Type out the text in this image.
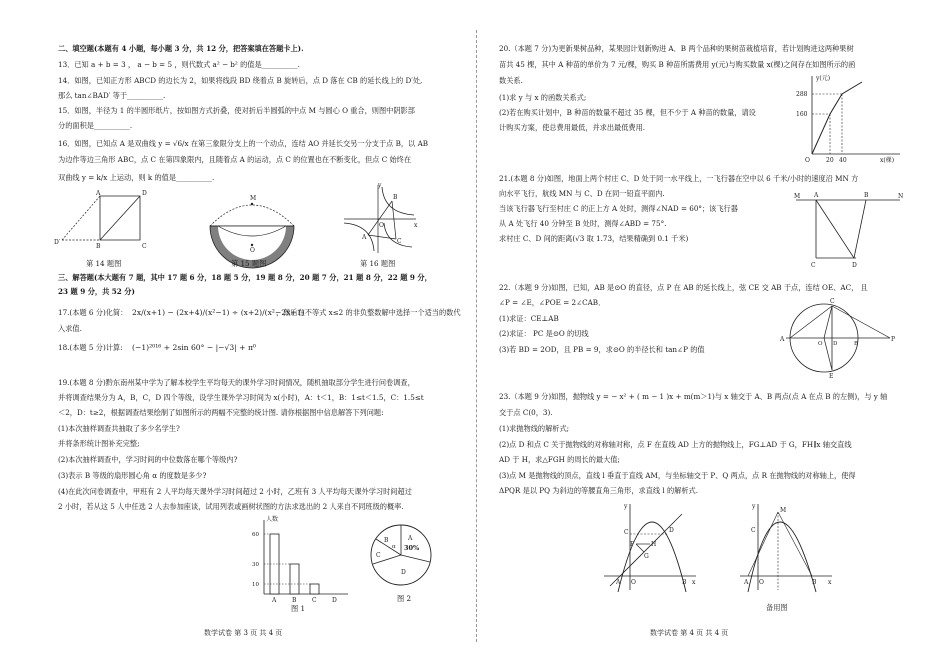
二、填空题(本题有 4 小题，每小题 3 分，共 12 分，把答案填在答题卡上).
13．已知 a + b = 3 ， a − b = 5 ，则代数式 a² − b² 的值是__________.
14．如图，已知正方形 ABCD 的边长为 2，如果将线段 BD 绕着点 B 旋转后，点 D 落在 CB 的延长线上的 D′处,
那么 tan∠BAD′ 等于__________.
15．如图，半径为 1 的半圆形纸片，按如图方式折叠，使对折后半圆弧的中点 M 与圆心 O 重合，则图中阴影部
分的面积是__________.
16．如图，已知点 A 是双曲线 y = √6/x 在第三象限分支上的一个动点，连结 AO 并延长交另一分支于点 B，以 AB
为边作等边三角形 ABC，点 C 在第四象限内，且随着点 A 的运动，点 C 的位置也在不断变化，但点 C 始终在
双曲线 y = k/x 上运动，则 k 的值是__________.
A	D
B	C
D′
第 14 题图
M
O
第 15 题图
y
x
B
A
C
O
第 16 题图
三、解答题(本大题有 7 题，其中 17 题 6 分，18 题 5 分，19 题 8 分，20 题 7 分，21 题 8 分，22 题 9 分，
23 题 9 分，共 52 分)
17.(本题 6 分)化简： 2x/(x+1) − (2x+4)/(x²−1) ÷ (x+2)/(x²−2x+1)
，然后在不等式 x≤2 的非负整数解中选择一个适当的数代
入求值.
18.(本题 5 分)计算: (−1)²⁰¹⁶ + 2sin 60° − |−√3| + π⁰
19.(本题 8 分)黔东南州某中学为了解本校学生平均每天的课外学习时间情况，随机抽取部分学生进行问卷调查，
并将调查结果分为 A，B，C，D 四个等级，设学生课外学习时间为 x(小时)，A：t＜1，B：1≤t＜1.5，C：1.5≤t
＜2，D：t≥2，根据调查结果绘制了如图所示的两幅不完整的统计图. 请你根据图中信息解答下列问题:
(1)本次抽样调查共抽取了多少名学生?
并将条形统计图补充完整;
(2)本次抽样调查中，学习时间的中位数落在哪个等级内?
(3)表示 B 等级的扇形圆心角 α 的度数是多少?
(4)在此次问卷调查中，甲班有 2 人平均每天课外学习时间超过 2 小时，乙班有 3 人平均每天课外学习时间超过
2 小时，若从这 5 人中任选 2 人去参加座谈，试用列表或画树状图的方法求选出的 2 人来自不同班级的概率.
人数
60
A
30
B
10
C	D
图 1
A
30%
B
α
C
D
图 2
数学试卷 第 3 页 共 4 页
20.（本题 7 分)为更新果树品种，某果园计划新购进 A．B 两个品种的果树苗栽植培育，若计划购进这两种果树
苗共 45 棵，其中 A 种苗的单价为 7 元/棵，购买 B 种苗所需费用 y(元)与购买数量 x(棵)之间存在如图所示的函
数关系.
(1)求 y 与 x 的函数关系式;
(2)若在购买计划中，B 种苗的数量不超过 35 棵，但不少于 A 种苗的数量，请设
计购买方案，使总费用最低，并求出最低费用.
y(元)
x(棵)
288
160
20 40
O
21.(本题 8 分)如图，地面上两个村庄 C、D 处于同一水平线上，一飞行器在空中以 6 千米/小时的速度沿 MN 方
向水平飞行，航线 MN 与 C、D 在同一铅直平面内.
当该飞行器飞行至村庄 C 的正上方 A 处时，测得∠NAD = 60°；该飞行器
从 A 处飞行 40 分钟至 B 处时，测得∠ABD = 75°.
求村庄 C、D 间的距离(√3 取 1.73，结果精确到 0.1 千米)
M A	B	N
C	D
22.（本题 9 分)如图，已知，AB 是⊙O 的直径，点 P 在 AB 的延长线上，弦 CE 交 AB 于点，连结 OE、AC， 且
∠P = ∠E，∠POE = 2∠CAB．
(1)求证：CE⊥AB
(2)求证： PC 是⊙O 的切线
(3)若 BD = 2OD，且 PB = 9，求⊙O 的半径长和 tan∠P 的值
C
A
O D	B
P
E
23.（本题 9 分)如图，抛物线 y = − x² + ( m − 1 )x + m(m＞1)与 x 轴交于 A、B 两点(点 A 在点 B 的左侧)，与 y 轴
交于点 C(0，3).
(1)求抛物线的解析式;
(2)点 D 和点 C 关于抛物线的对称轴对称，点 F 在直线 AD 上方的抛物线上，FG⊥AD 于 G，FH∥x 轴交直线
AD 于 H，求△FGH 的周长的最大值;
(3)点 M 是抛物线的顶点，直线 l 垂直于直线 AM，与坐标轴交于 P、Q 两点，点 R 在抛物线的对称轴上，使得
ΔPQR 是以 PQ 为斜边的等腰直角三角形，求直线 l 的解析式.
y
x
C	D
F	H
G
A	B
O
y
x
C
M
A	B
O
备用图
数学试卷 第 4 页 共 4 页
